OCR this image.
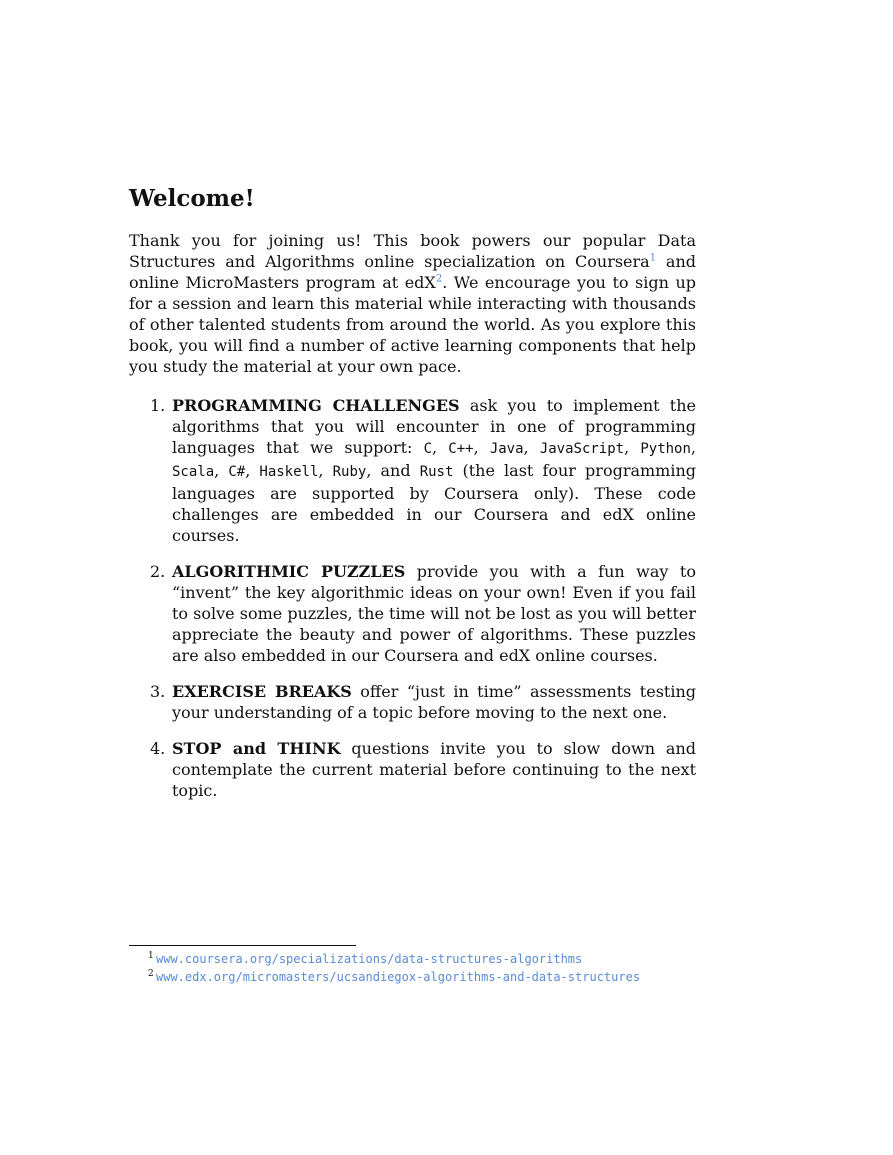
Welcome!

Thank you for joining us! This book powers our popular Data Structures and Algorithms online specialization on Coursera$^1$ and online MicroMasters program at edX$^2$. We encourage you to sign up for a session and learn this material while interacting with thousands of other talented students from around the world. As you explore this book, you will find a number of active learning components that help you study the material at your own pace.

1. PROGRAMMING CHALLENGES ask you to implement the algorithms that you will encounter in one of programming languages that we support: C, C++, Java, JavaScript, Python, Scala, C#, Haskell, Ruby, and Rust (the last four programming languages are supported by Coursera only). These code challenges are embedded in our Coursera and edX online courses.
2. ALGORITHMIC PUZZLES provide you with a fun way to “invent” the key algorithmic ideas on your own! Even if you fail to solve some puzzles, the time will not be lost as you will better appreciate the beauty and power of algorithms. These puzzles are also embedded in our Coursera and edX online courses.
3. EXERCISE BREAKS offer “just in time” assessments testing your understanding of a topic before moving to the next one.
4. STOP and THINK questions invite you to slow down and contemplate the current material before continuing to the next topic.
1 www.coursera.org/specializations/data-structures-algorithms
2 www.edx.org/micromasters/ucsandiegox-algorithms-and-data-structures
